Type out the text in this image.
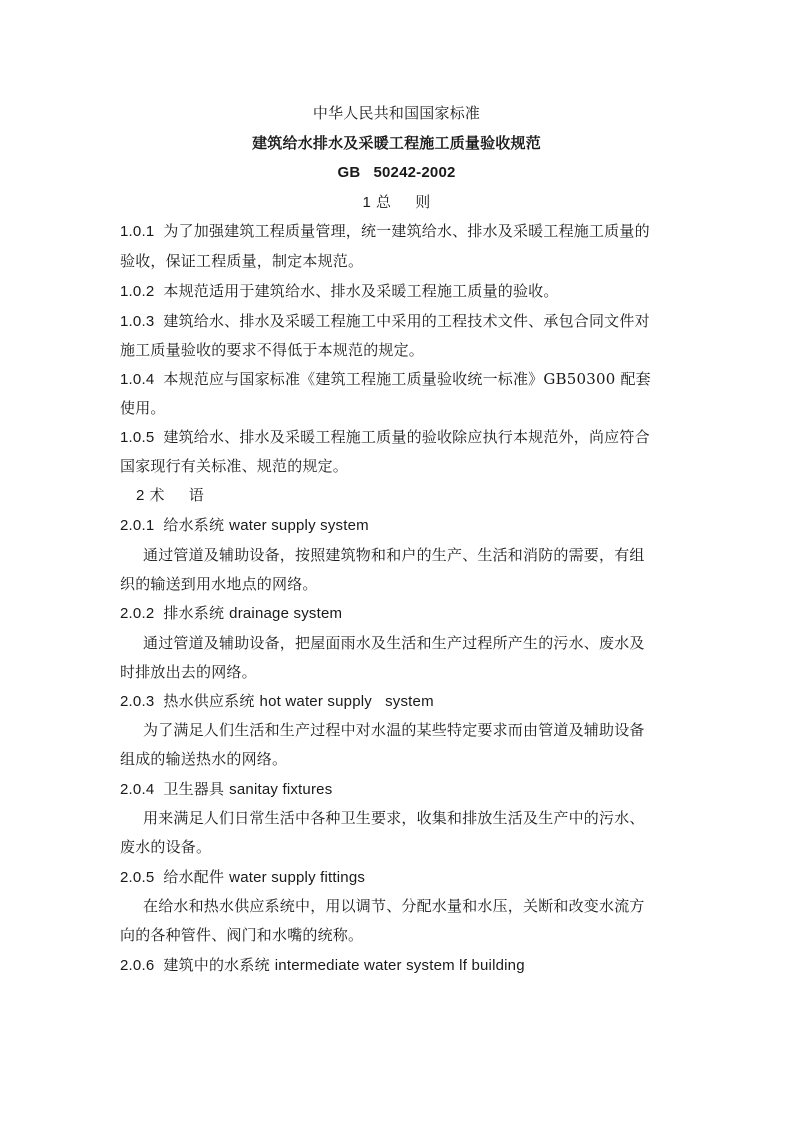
中华人民共和国国家标准
建筑给水排水及采暖工程施工质量验收规范
GB   50242-2002
1 总 则
1.0.1 为了加强建筑工程质量管理，统一建筑给水、排水及采暖工程施工质量的
验收，保证工程质量，制定本规范。
1.0.2 本规范适用于建筑给水、排水及采暖工程施工质量的验收。
1.0.3 建筑给水、排水及采暖工程施工中采用的工程技术文件、承包合同文件对
施工质量验收的要求不得低于本规范的规定。
1.0.4 本规范应与国家标准《建筑工程施工质量验收统一标准》GB50300 配套
使用。
1.0.5 建筑给水、排水及采暖工程施工质量的验收除应执行本规范外，尚应符合
国家现行有关标准、规范的规定。
2 术 语
2.0.1 给水系统 water supply system
通过管道及辅助设备，按照建筑物和和户的生产、生活和消防的需要，有组
织的输送到用水地点的网络。
2.0.2 排水系统 drainage system
通过管道及辅助设备，把屋面雨水及生活和生产过程所产生的污水、废水及
时排放出去的网络。
2.0.3 热水供应系统 hot water supply   system
为了满足人们生活和生产过程中对水温的某些特定要求而由管道及辅助设备
组成的输送热水的网络。
2.0.4 卫生器具 sanitay fixtures
用来满足人们日常生活中各种卫生要求，收集和排放生活及生产中的污水、
废水的设备。
2.0.5 给水配件 water supply fittings
在给水和热水供应系统中，用以调节、分配水量和水压，关断和改变水流方
向的各种管件、阀门和水嘴的统称。
2.0.6 建筑中的水系统 intermediate water system lf building
